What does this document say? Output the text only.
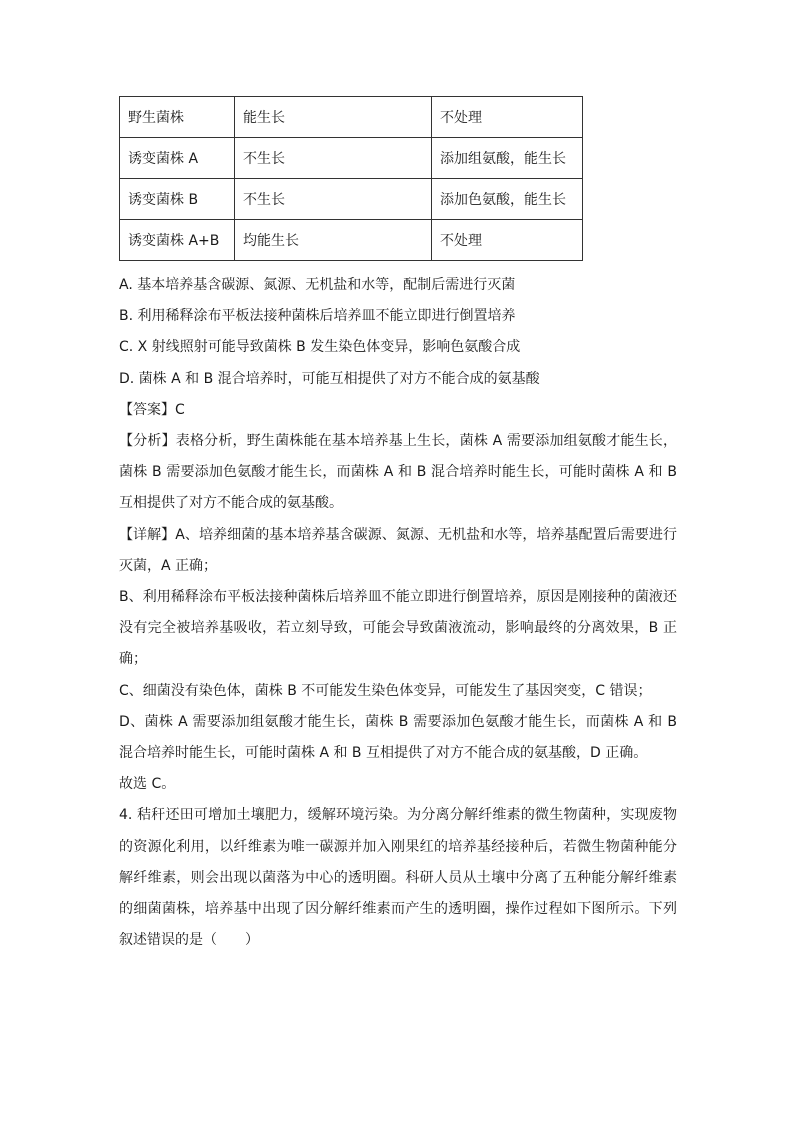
野生菌株	能生长	不处理
诱变菌株 A	不生长	添加组氨酸，能生长
诱变菌株 B	不生长	添加色氨酸，能生长
诱变菌株 A+B	均能生长	不处理

A. 基本培养基含碳源、氮源、无机盐和水等，配制后需进行灭菌

B. 利用稀释涂布平板法接种菌株后培养皿不能立即进行倒置培养

C. X 射线照射可能导致菌株 B 发生染色体变异，影响色氨酸合成

D. 菌株 A 和 B 混合培养时，可能互相提供了对方不能合成的氨基酸

【答案】C

【分析】表格分析，野生菌株能在基本培养基上生长，菌株 A 需要添加组氨酸才能生长，菌株 B 需要添加色氨酸才能生长，而菌株 A 和 B 混合培养时能生长，可能时菌株 A 和 B 互相提供了对方不能合成的氨基酸。

【详解】A、培养细菌的基本培养基含碳源、氮源、无机盐和水等，培养基配置后需要进行灭菌，A 正确；

B、利用稀释涂布平板法接种菌株后培养皿不能立即进行倒置培养，原因是刚接种的菌液还没有完全被培养基吸收，若立刻导致，可能会导致菌液流动，影响最终的分离效果，B 正确；

C、细菌没有染色体，菌株 B 不可能发生染色体变异，可能发生了基因突变，C 错误；

D、菌株 A 需要添加组氨酸才能生长，菌株 B 需要添加色氨酸才能生长，而菌株 A 和 B 混合培养时能生长，可能时菌株 A 和 B 互相提供了对方不能合成的氨基酸，D 正确。

故选 C。

4. 秸秆还田可增加土壤肥力，缓解环境污染。为分离分解纤维素的微生物菌种，实现废物的资源化利用，以纤维素为唯一碳源并加入刚果红的培养基经接种后，若微生物菌种能分解纤维素，则会出现以菌落为中心的透明圈。科研人员从土壤中分离了五种能分解纤维素的细菌菌株，培养基中出现了因分解纤维素而产生的透明圈，操作过程如下图所示。下列叙述错误的是（　　）
